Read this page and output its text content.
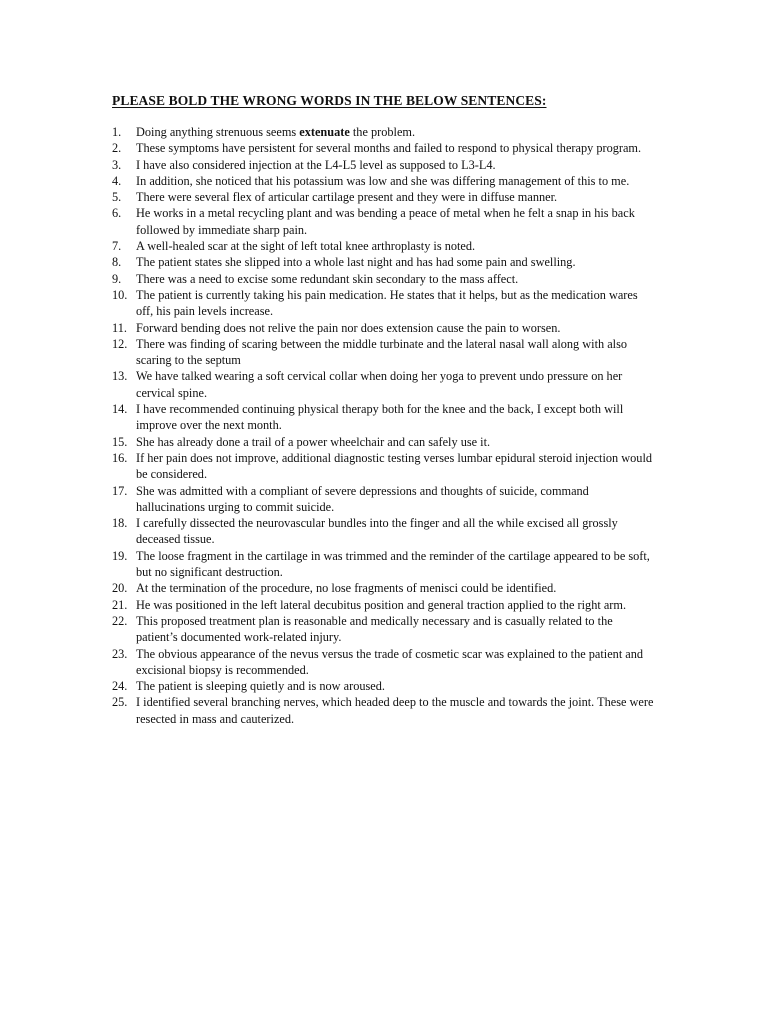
PLEASE BOLD THE WRONG WORDS IN THE BELOW SENTENCES:
1.	Doing anything strenuous seems extenuate the problem.
2.	These symptoms have persistent for several months and failed to respond to physical therapy program.
3.	I have also considered injection at the L4-L5 level as supposed to L3-L4.
4.	In addition, she noticed that his potassium was low and she was differing management of this to me.
5.	There were several flex of articular cartilage present and they were in diffuse manner.
6.	He works in a metal recycling plant and was bending a peace of metal when he felt a snap in his back followed by immediate sharp pain.
7.	A well-healed scar at the sight of left total knee arthroplasty is noted.
8.	The patient states she slipped into a whole last night and has had some pain and swelling.
9.	There was a need to excise some redundant skin secondary to the mass affect.
10. The patient is currently taking his pain medication. He states that it helps, but as the medication wares off, his pain levels increase.
11. Forward bending does not relive the pain nor does extension cause the pain to worsen.
12. There was finding of scaring between the middle turbinate and the lateral nasal wall along with also scaring to the septum
13. We have talked wearing a soft cervical collar when doing her yoga to prevent undo pressure on her cervical spine.
14. I have recommended continuing physical therapy both for the knee and the back, I except both will improve over the next month.
15. She has already done a trail of a power wheelchair and can safely use it.
16. If her pain does not improve, additional diagnostic testing verses lumbar epidural steroid injection would be considered.
17. She was admitted with a compliant of severe depressions and thoughts of suicide, command hallucinations urging to commit suicide.
18. I carefully dissected the neurovascular bundles into the finger and all the while excised all grossly deceased tissue.
19. The loose fragment in the cartilage in was trimmed and the reminder of the cartilage appeared to be soft, but no significant destruction.
20. At the termination of the procedure, no lose fragments of menisci could be identified.
21. He was positioned in the left lateral decubitus position and general traction applied to the right arm.
22. This proposed treatment plan is reasonable and medically necessary and is casually related to the patient’s documented work-related injury.
23. The obvious appearance of the nevus versus the trade of cosmetic scar was explained to the patient and excisional biopsy is recommended.
24. The patient is sleeping quietly and is now aroused.
25. I identified several branching nerves, which headed deep to the muscle and towards the joint. These were resected in mass and cauterized.
